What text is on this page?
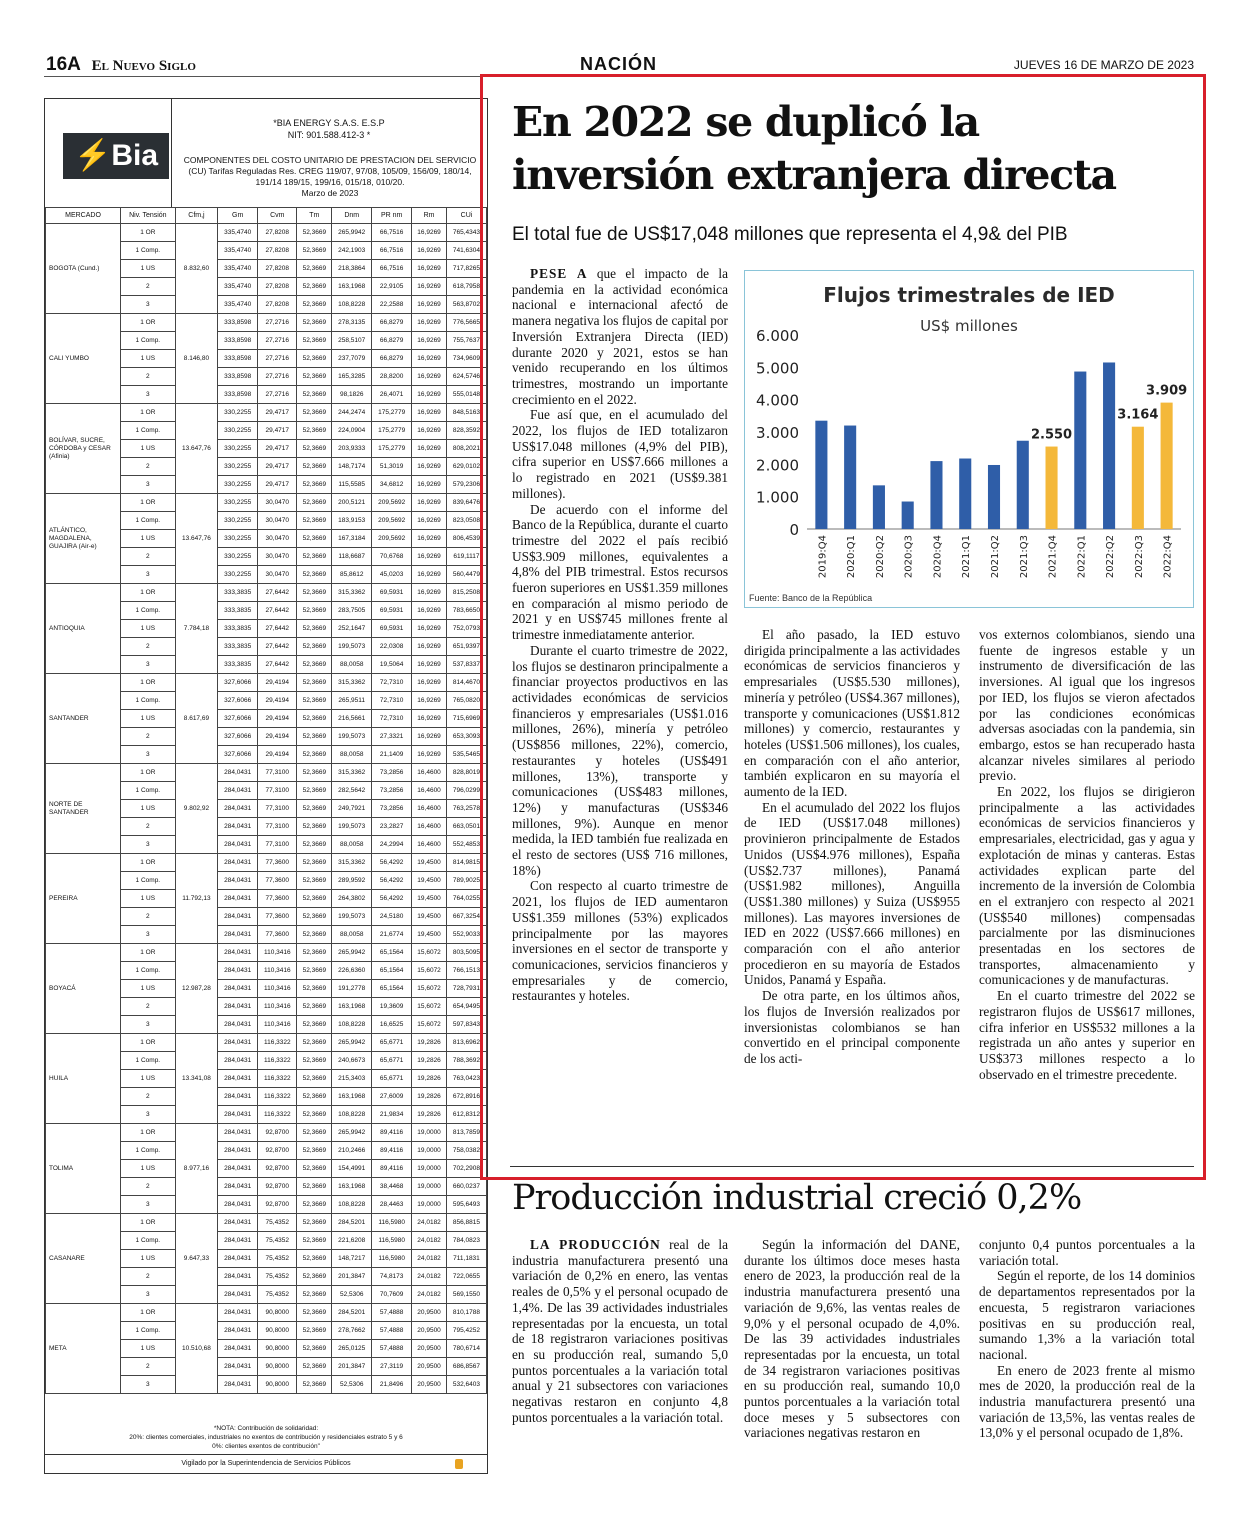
16A El Nuevo Siglo	NACIÓN	JUEVES 16 DE MARZO DE 2023
⚡Bia
*BIA ENERGY S.A.S. E.S.P
NIT: 901.588.412-3 *
COMPONENTES DEL COSTO UNITARIO DE PRESTACION DEL SERVICIO (CU) Tarifas Reguladas Res. CREG 119/07, 97/08, 105/09, 156/09, 180/14, 191/14 189/15, 199/16, 015/18, 010/20.
Marzo de 2023
MERCADO	Niv. Tensión	Cfm,j	Gm	Cvm	Tm	Dnm	PR nm	Rm	CUi
BOGOTA (Cund.)	1 OR	8.832,60	335,4740	27,8208	52,3669	265,9942	66,7516	16,9269	765,4343
	1 Comp.		335,4740	27,8208	52,3669	242,1903	66,7516	16,9269	741,6304
	1 US		335,4740	27,8208	52,3669	218,3864	66,7516	16,9269	717,8265
	2		335,4740	27,8208	52,3669	163,1968	22,9105	16,9269	618,7958
	3		335,4740	27,8208	52,3669	108,8228	22,2588	16,9269	563,8702
CALI YUMBO	1 OR	8.146,80	333,8598	27,2716	52,3669	278,3135	66,8279	16,9269	776,5665
	1 Comp.		333,8598	27,2716	52,3669	258,5107	66,8279	16,9269	755,7637
	1 US		333,8598	27,2716	52,3669	237,7079	66,8279	16,9269	734,9609
	2		333,8598	27,2716	52,3669	165,3285	28,8200	16,9269	624,5746
	3		333,8598	27,2716	52,3669	98,1826	26,4071	16,9269	555,0148
BOLÍVAR, SUCRE, CÓRDOBA y CESAR (Afinia)	1 OR	13.647,76	330,2255	29,4717	52,3669	244,2474	175,2779	16,9269	848,5163
	1 Comp.		330,2255	29,4717	52,3669	224,0904	175,2779	16,9269	828,3592
	1 US		330,2255	29,4717	52,3669	203,9333	175,2779	16,9269	808,2021
	2		330,2255	29,4717	52,3669	148,7174	51,3019	16,9269	629,0102
	3		330,2255	29,4717	52,3669	115,5585	34,6812	16,9269	579,2306
ATLÁNTICO, MAGDALENA, GUAJIRA (Air-e)	1 OR	13.647,76	330,2255	30,0470	52,3669	200,5121	209,5692	16,9269	839,6476
	1 Comp.		330,2255	30,0470	52,3669	183,9153	209,5692	16,9269	823,0508
	1 US		330,2255	30,0470	52,3669	167,3184	209,5692	16,9269	806,4539
	2		330,2255	30,0470	52,3669	118,6687	70,6768	16,9269	619,1117
	3		330,2255	30,0470	52,3669	85,8612	45,0203	16,9269	560,4479
ANTIOQUIA	1 OR	7.784,18	333,3835	27,6442	52,3669	315,3362	69,5931	16,9269	815,2508
	1 Comp.		333,3835	27,6442	52,3669	283,7505	69,5931	16,9269	783,6650
	1 US		333,3835	27,6442	52,3669	252,1647	69,5931	16,9269	752,0793
	2		333,3835	27,6442	52,3669	199,5073	22,0308	16,9269	651,9397
	3		333,3835	27,6442	52,3669	88,0058	19,5064	16,9269	537,8337
SANTANDER	1 OR	8.617,69	327,6066	29,4194	52,3669	315,3362	72,7310	16,9269	814,4670
	1 Comp.		327,6066	29,4194	52,3669	265,9511	72,7310	16,9269	765,0820
	1 US		327,6066	29,4194	52,3669	216,5661	72,7310	16,9269	715,6969
	2		327,6066	29,4194	52,3669	199,5073	27,3321	16,9269	653,3093
	3		327,6066	29,4194	52,3669	88,0058	21,1409	16,9269	535,5465
NORTE DE SANTANDER	1 OR	9.802,92	284,0431	77,3100	52,3669	315,3362	73,2856	16,4600	828,8019
	1 Comp.		284,0431	77,3100	52,3669	282,5642	73,2856	16,4600	796,0299
	1 US		284,0431	77,3100	52,3669	249,7921	73,2856	16,4600	763,2578
	2		284,0431	77,3100	52,3669	199,5073	23,2827	16,4600	663,0501
	3		284,0431	77,3100	52,3669	88,0058	24,2994	16,4600	552,4853
PEREIRA	1 OR	11.792,13	284,0431	77,3600	52,3669	315,3362	56,4292	19,4500	814,9815
	1 Comp.		284,0431	77,3600	52,3669	289,9592	56,4292	19,4500	789,9025
	1 US		284,0431	77,3600	52,3669	264,3802	56,4292	19,4500	764,0255
	2		284,0431	77,3600	52,3669	199,5073	24,5180	19,4500	667,3254
	3		284,0431	77,3600	52,3669	88,0058	21,6774	19,4500	552,9033
BOYACÁ	1 OR	12.987,28	284,0431	110,3416	52,3669	265,9942	65,1564	15,6072	803,5095
	1 Comp.		284,0431	110,3416	52,3669	226,6360	65,1564	15,6072	766,1513
	1 US		284,0431	110,3416	52,3669	191,2778	65,1564	15,6072	728,7931
	2		284,0431	110,3416	52,3669	163,1968	19,3609	15,6072	654,9495
	3		284,0431	110,3416	52,3669	108,8228	16,6525	15,6072	597,8343
HUILA	1 OR	13.341,08	284,0431	116,3322	52,3669	265,9942	65,6771	19,2826	813,6962
	1 Comp.		284,0431	116,3322	52,3669	240,6673	65,6771	19,2826	788,3692
	1 US		284,0431	116,3322	52,3669	215,3403	65,6771	19,2826	763,0423
	2		284,0431	116,3322	52,3669	163,1968	27,6009	19,2826	672,8916
	3		284,0431	116,3322	52,3669	108,8228	21,9834	19,2826	612,8312
TOLIMA	1 OR	8.977,16	284,0431	92,8700	52,3669	265,9942	89,4116	19,0000	813,7859
	1 Comp.		284,0431	92,8700	52,3669	210,2466	89,4116	19,0000	758,0382
	1 US		284,0431	92,8700	52,3669	154,4991	89,4116	19,0000	702,2908
	2		284,0431	92,8700	52,3669	163,1968	38,4468	19,0000	660,0237
	3		284,0431	92,8700	52,3669	108,8228	28,4463	19,0000	595,6493
CASANARE	1 OR	9.647,33	284,0431	75,4352	52,3669	284,5201	116,5980	24,0182	856,8815
	1 Comp.		284,0431	75,4352	52,3669	221,6208	116,5980	24,0182	784,0823
	1 US		284,0431	75,4352	52,3669	148,7217	116,5980	24,0182	711,1831
	2		284,0431	75,4352	52,3669	201,3847	74,8173	24,0182	722,0655
	3		284,0431	75,4352	52,3669	52,5306	70,7609	24,0182	569,1550
META	1 OR	10.510,68	284,0431	90,8000	52,3669	284,5201	57,4888	20,9500	810,1788
	1 Comp.		284,0431	90,8000	52,3669	278,7662	57,4888	20,9500	795,4252
	1 US		284,0431	90,8000	52,3669	265,0125	57,4888	20,9500	780,6714
	2		284,0431	90,8000	52,3669	201,3847	27,3119	20,9500	686,8567
	3		284,0431	90,8000	52,3669	52,5306	21,8496	20,9500	532,6403
*NOTA: Contribución de solidaridad:
20%: clientes comerciales, industriales no exentos de contribución y residenciales estrato 5 y 6
0%: clientes exentos de contribución"
Vigilado por la Superintendencia de Servicios Públicos
En 2022 se duplicó la inversión extranjera directa
El total fue de US$17,048 millones que representa el 4,9& del PIB

PESE A que el impacto de la pandemia en la actividad económica nacional e internacional afectó de manera negativa los flujos de capital por Inversión Extranjera Directa (IED) durante 2020 y 2021, estos se han venido recuperando en los últimos trimestres, mostrando un importante crecimiento en el 2022.

Fue así que, en el acumulado del 2022, los flujos de IED totalizaron US$17.048 millones (4,9% del PIB), cifra superior en US$7.666 millones a lo registrado en 2021 (US$9.381 millones).

De acuerdo con el informe del Banco de la República, durante el cuarto trimestre del 2022 el país recibió US$3.909 millones, equivalentes a 4,8% del PIB trimestral. Estos recursos fueron superiores en US$1.359 millones en comparación al mismo periodo de 2021 y en US$745 millones frente al trimestre inmediatamente anterior.

Durante el cuarto trimestre de 2022, los flujos se destinaron principalmente a financiar proyectos productivos en las actividades económicas de servicios financieros y empresariales (US$1.016 millones, 26%), minería y petróleo (US$856 millones, 22%), comercio, restaurantes y hoteles (US$491 millones, 13%), transporte y comunicaciones (US$483 millones, 12%) y manufacturas (US$346 millones, 9%). Aunque en menor medida, la IED también fue realizada en el resto de sectores (US$ 716 millones, 18%)

Con respecto al cuarto trimestre de 2021, los flujos de IED aumentaron US$1.359 millones (53%) explicados principalmente por las mayores inversiones en el sector de transporte y comunicaciones, servicios financieros y empresariales y de comercio, restaurantes y hoteles.

Flujos trimestrales de IED
US$ millones
0
1.000
2.000
3.000
4.000
5.000
6.000
2019:Q4 2020:Q1 2020:Q2 2020:Q3 2020:Q4 2021:Q1 2021:Q2 2021:Q3 2021:Q4
2.550
2022:Q1 2022:Q2 2022:Q3
3.164
2022:Q4
3.909
Fuente: Banco de la República

El año pasado, la IED estuvo dirigida principalmente a las actividades económicas de servicios financieros y empresariales (US$5.530 millones), minería y petróleo (US$4.367 millones), transporte y comunicaciones (US$1.812 millones) y comercio, restaurantes y hoteles (US$1.506 millones), los cuales, en comparación con el año anterior, también explicaron en su mayoría el aumento de la IED.

En el acumulado del 2022 los flujos de IED (US$17.048 millones) provinieron principalmente de Estados Unidos (US$4.976 millones), España (US$2.737 millones), Panamá (US$1.982 millones), Anguilla (US$1.380 millones) y Suiza (US$955 millones). Las mayores inversiones de IED en 2022 (US$7.666 millones) en comparación con el año anterior procedieron en su mayoría de Estados Unidos, Panamá y España.

De otra parte, en los últimos años, los flujos de Inversión realizados por inversionistas colombianos se han convertido en el principal componente de los acti-

vos externos colombianos, siendo una fuente de ingresos estable y un instrumento de diversificación de las inversiones. Al igual que los ingresos por IED, los flujos se vieron afectados por las condiciones económicas adversas asociadas con la pandemia, sin embargo, estos se han recuperado hasta alcanzar niveles similares al periodo previo.

En 2022, los flujos se dirigieron principalmente a las actividades económicas de servicios financieros y empresariales, electricidad, gas y agua y explotación de minas y canteras. Estas actividades explican parte del incremento de la inversión de Colombia en el extranjero con respecto al 2021 (US$540 millones) compensadas parcialmente por las disminuciones presentadas en los sectores de transportes, almacenamiento y comunicaciones y de manufacturas.

En el cuarto trimestre del 2022 se registraron flujos de US$617 millones, cifra inferior en US$532 millones a la registrada un año antes y superior en US$373 millones respecto a lo observado en el trimestre precedente.

Producción industrial creció 0,2%

LA PRODUCCIÓN real de la industria manufacturera presentó una variación de 0,2% en enero, las ventas reales de 0,5% y el personal ocupado de 1,4%. De las 39 actividades industriales representadas por la encuesta, un total de 18 registraron variaciones positivas en su producción real, sumando 5,0 puntos porcentuales a la variación total anual y 21 subsectores con variaciones negativas restaron en conjunto 4,8 puntos porcentuales a la variación total.

Según la información del DANE, durante los últimos doce meses hasta enero de 2023, la producción real de la industria manufacturera presentó una variación de 9,6%, las ventas reales de 9,0% y el personal ocupado de 4,0%. De las 39 actividades industriales representadas por la encuesta, un total de 34 registraron variaciones positivas en su producción real, sumando 10,0 puntos porcentuales a la variación total doce meses y 5 subsectores con variaciones negativas restaron en

conjunto 0,4 puntos porcentuales a la variación total.

Según el reporte, de los 14 dominios de departamentos representados por la encuesta, 5 registraron variaciones positivas en su producción real, sumando 1,3% a la variación total nacional.

En enero de 2023 frente al mismo mes de 2020, la producción real de la industria manufacturera presentó una variación de 13,5%, las ventas reales de 13,0% y el personal ocupado de 1,8%.
